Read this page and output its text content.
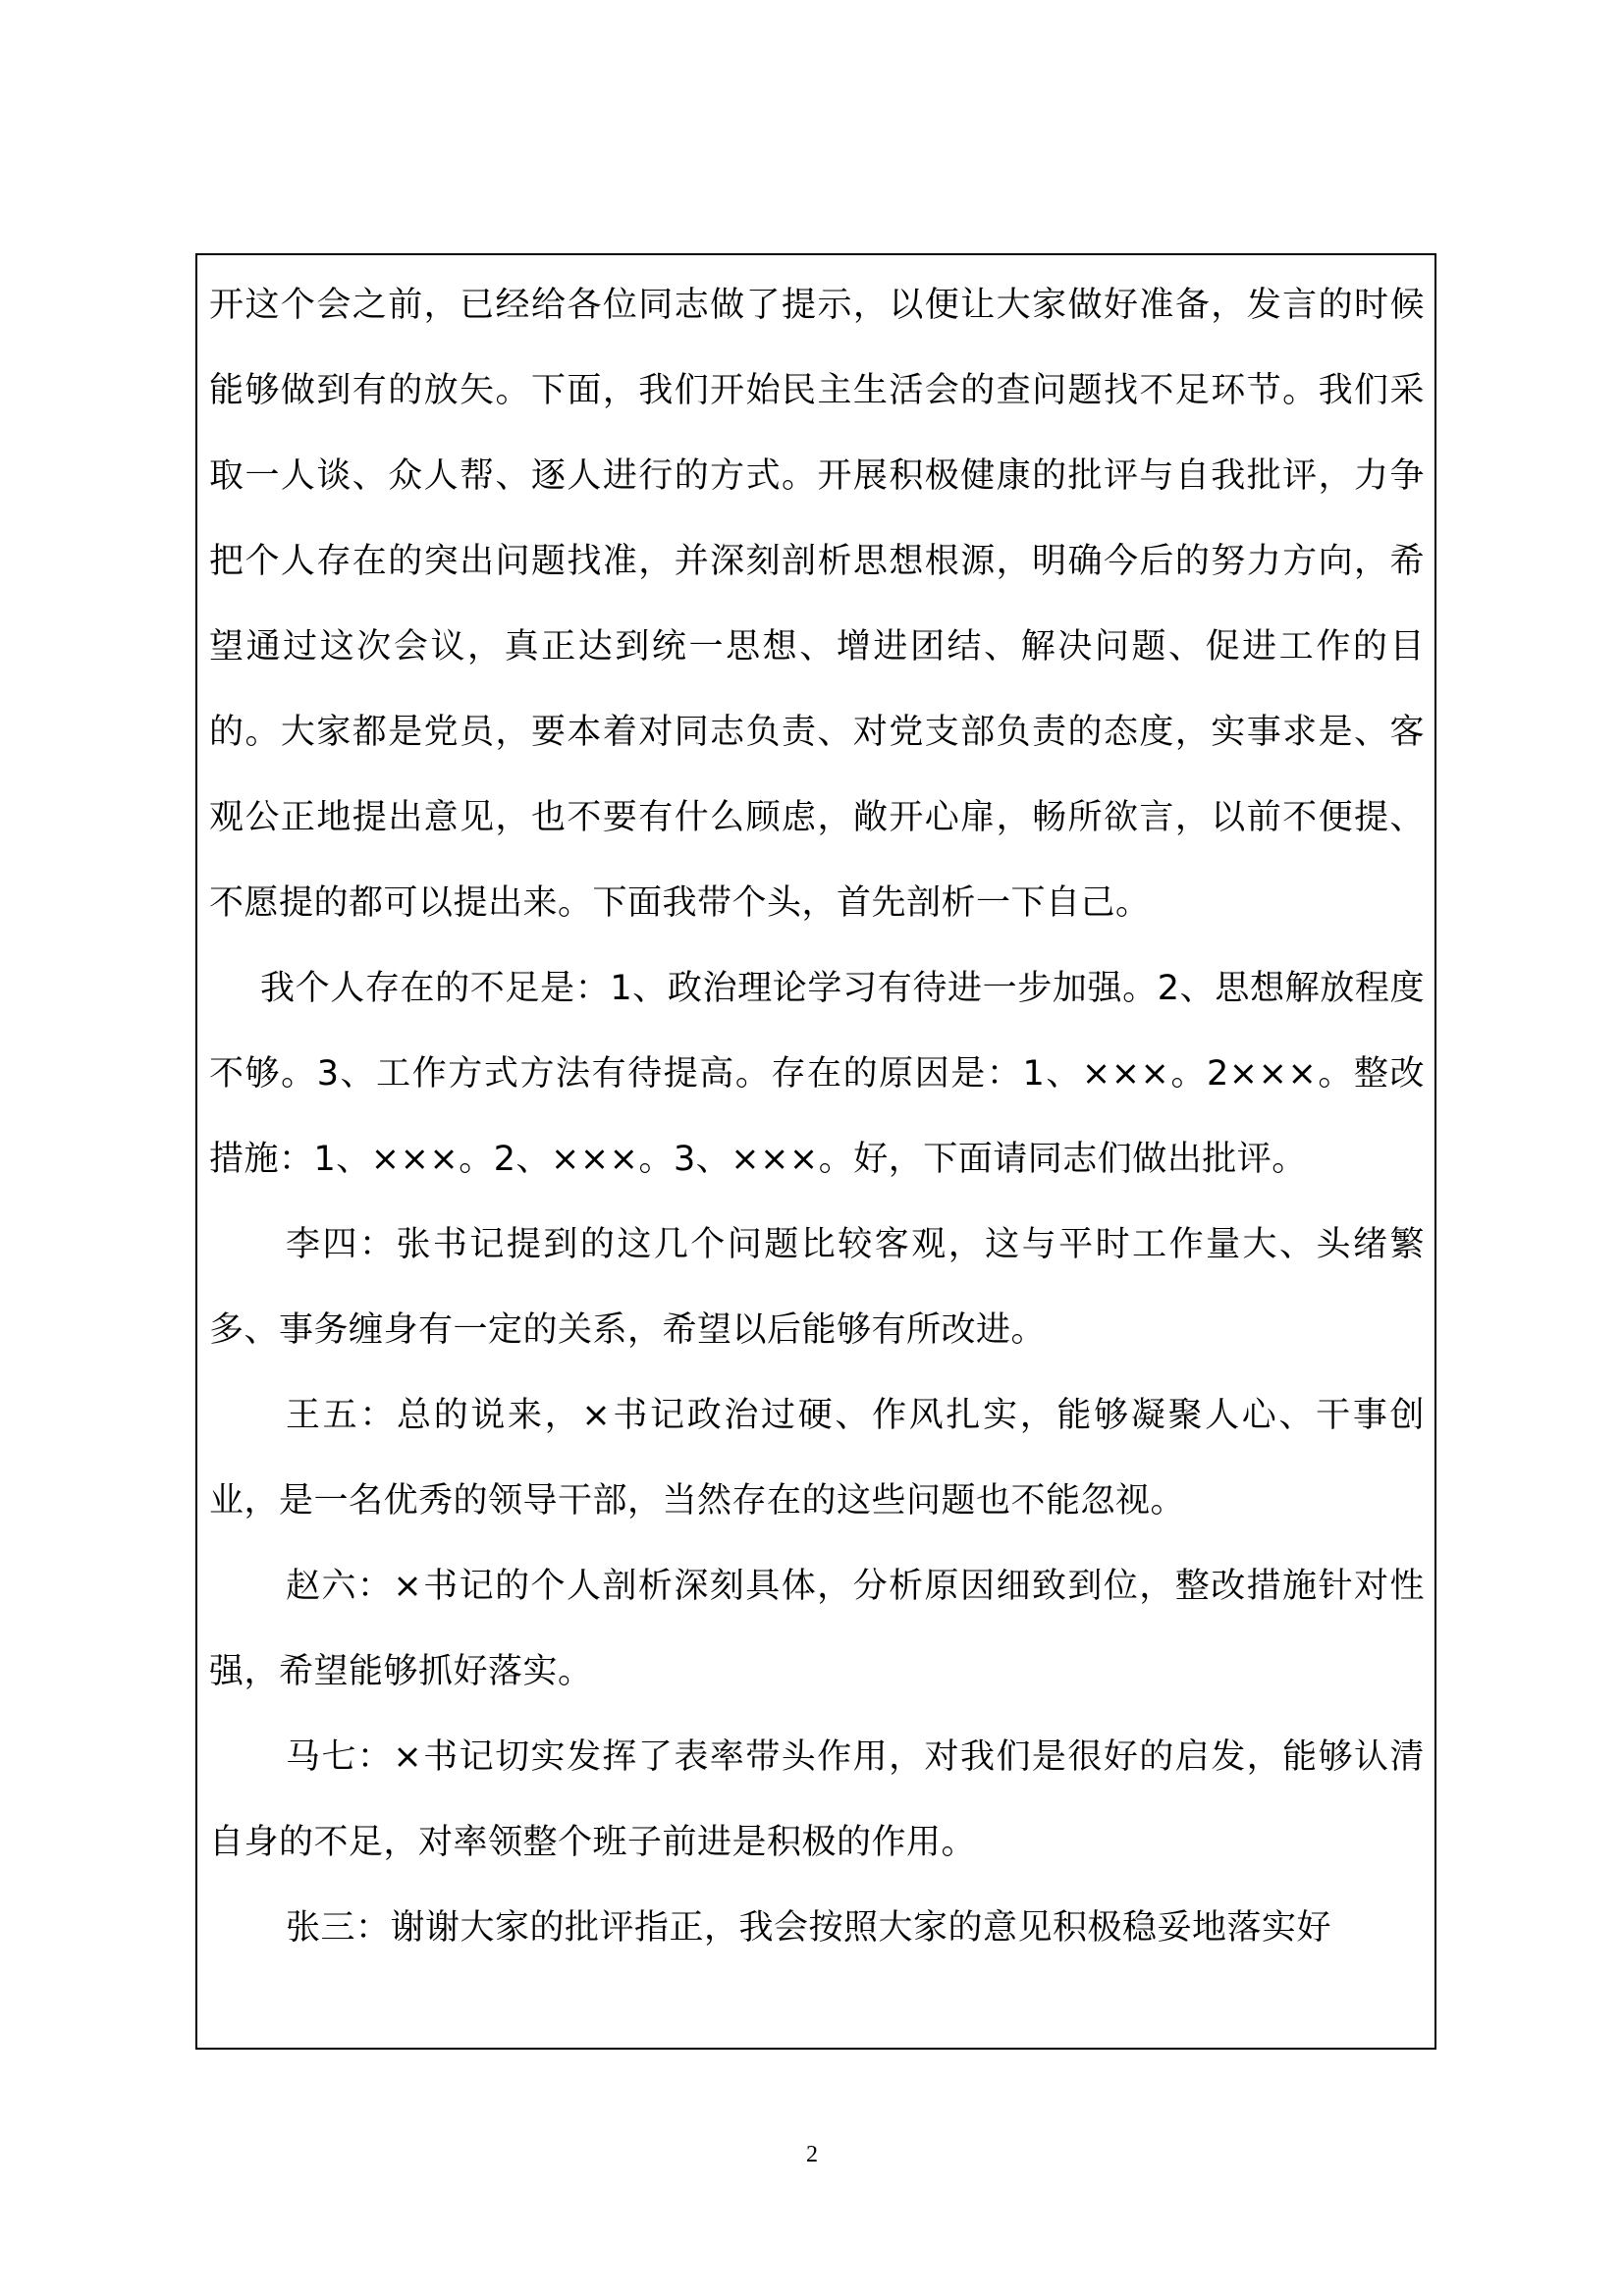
开这个会之前，已经给各位同志做了提示，以便让大家做好准备，发言的时候能够做到有的放矢。下面，我们开始民主生活会的查问题找不足环节。我们采取一人谈、众人帮、逐人进行的方式。开展积极健康的批评与自我批评，力争把个人存在的突出问题找准，并深刻剖析思想根源，明确今后的努力方向，希望通过这次会议，真正达到统一思想、增进团结、解决问题、促进工作的目的。大家都是党员，要本着对同志负责、对党支部负责的态度，实事求是、客观公正地提出意见，也不要有什么顾虑，敞开心扉，畅所欲言，以前不便提、不愿提的都可以提出来。下面我带个头，首先剖析一下自己。

我个人存在的不足是：1、政治理论学习有待进一步加强。2、思想解放程度不够。3、工作方式方法有待提高。存在的原因是：1、×××。2×××。整改措施：1、×××。2、×××。3、×××。好，下面请同志们做出批评。

李四：张书记提到的这几个问题比较客观，这与平时工作量大、头绪繁多、事务缠身有一定的关系，希望以后能够有所改进。

王五：总的说来，×书记政治过硬、作风扎实，能够凝聚人心、干事创业，是一名优秀的领导干部，当然存在的这些问题也不能忽视。

赵六：×书记的个人剖析深刻具体，分析原因细致到位，整改措施针对性强，希望能够抓好落实。

马七：×书记切实发挥了表率带头作用，对我们是很好的启发，能够认清自身的不足，对率领整个班子前进是积极的作用。

张三：谢谢大家的批评指正，我会按照大家的意见积极稳妥地落实好

2
